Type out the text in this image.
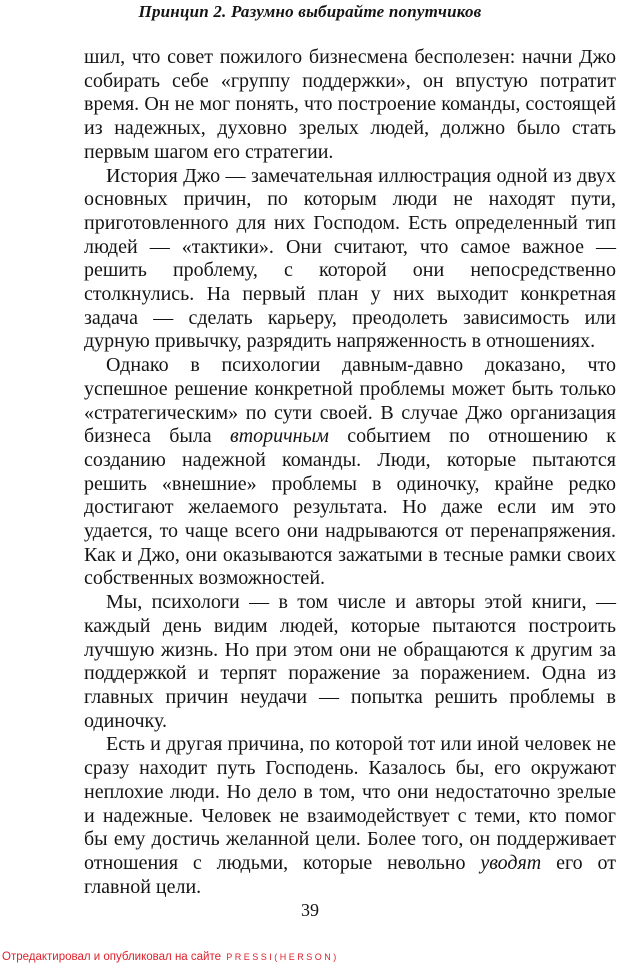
Принцип 2. Разумно выбирайте попутчиков

шил, что совет пожилого бизнесмена бесполезен: начни Джо собирать себе «группу поддержки», он впустую потратит время. Он не мог понять, что построение команды, состоящей из надежных, духовно зрелых людей, должно было стать первым шагом его стратегии.

История Джо — замечательная иллюстрация одной из двух основных причин, по которым люди не находят пути, приготовленного для них Господом. Есть определенный тип людей — «тактики». Они считают, что самое важное — решить проблему, с которой они непосредственно столкнулись. На первый план у них выходит конкретная задача — сделать карьеру, преодолеть зависимость или дурную привычку, разрядить напряженность в отношениях.

Однако в психологии давным-давно доказано, что успешное решение конкретной проблемы может быть только «стратегическим» по сути своей. В случае Джо организация бизнеса была вторичным событием по отношению к созданию надежной команды. Люди, которые пытаются решить «внешние» проблемы в одиночку, крайне редко достигают желаемого результата. Но даже если им это удается, то чаще всего они надрываются от перенапряжения. Как и Джо, они оказываются зажатыми в тесные рамки своих собственных возможностей.

Мы, психологи — в том числе и авторы этой книги, — каждый день видим людей, которые пытаются построить лучшую жизнь. Но при этом они не обращаются к другим за поддержкой и терпят поражение за поражением. Одна из главных причин неудачи — попытка решить проблемы в одиночку.

Есть и другая причина, по которой тот или иной человек не сразу находит путь Господень. Казалось бы, его окружают неплохие люди. Но дело в том, что они недостаточно зрелые и надежные. Человек не взаимодействует с теми, кто помог бы ему достичь желанной цели. Более того, он поддерживает отношения с людьми, которые невольно уводят его от главной цели.

39
Отредактировал и опубликовал на сайте PRESSI(HERSON)
